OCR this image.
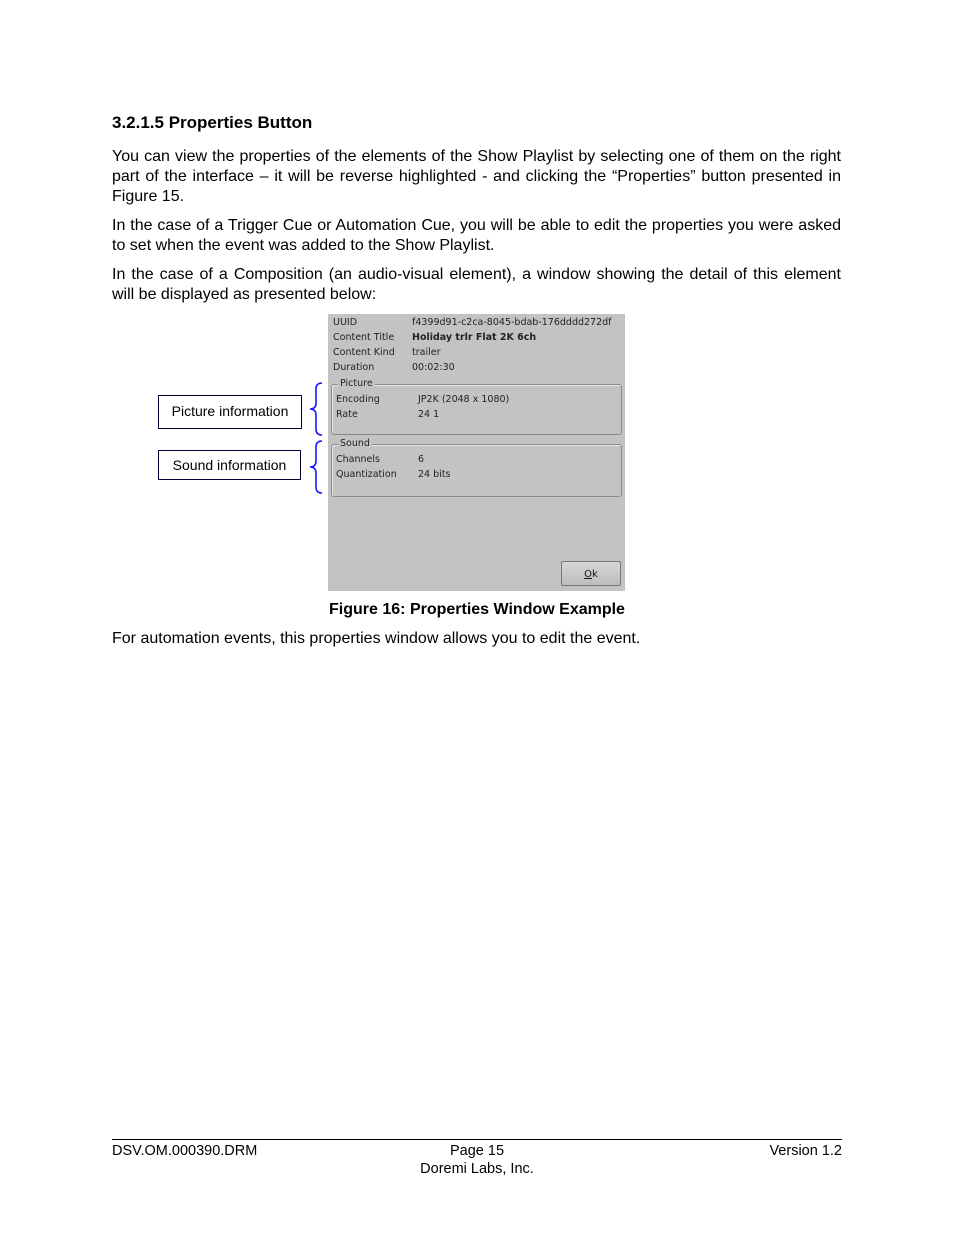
3.2.1.5 Properties Button

You can view the properties of the elements of the Show Playlist by selecting one of them on the right part of the interface – it will be reverse highlighted - and clicking the “Properties” button presented in Figure 15.

In the case of a Trigger Cue or Automation Cue, you will be able to edit the properties you were asked to set when the event was added to the Show Playlist.

In the case of a Composition (an audio-visual element), a window showing the detail of this element will be displayed as presented below:

Picture information
Sound information
UUID	f4399d91-c2ca-8045-bdab-176dddd272df
Content Title Holiday trlr Flat 2K 6ch
Content Kind trailer
Duration	00:02:30
Picture
Encoding	JP2K (2048 x 1080)
Rate	24 1
Sound
Channels	6
Quantization 24 bits
Ok
Figure 16: Properties Window Example

For automation events, this properties window allows you to edit the event.

DSV.OM.000390.DRM	Page 15
Doremi Labs, Inc.
Version 1.2
